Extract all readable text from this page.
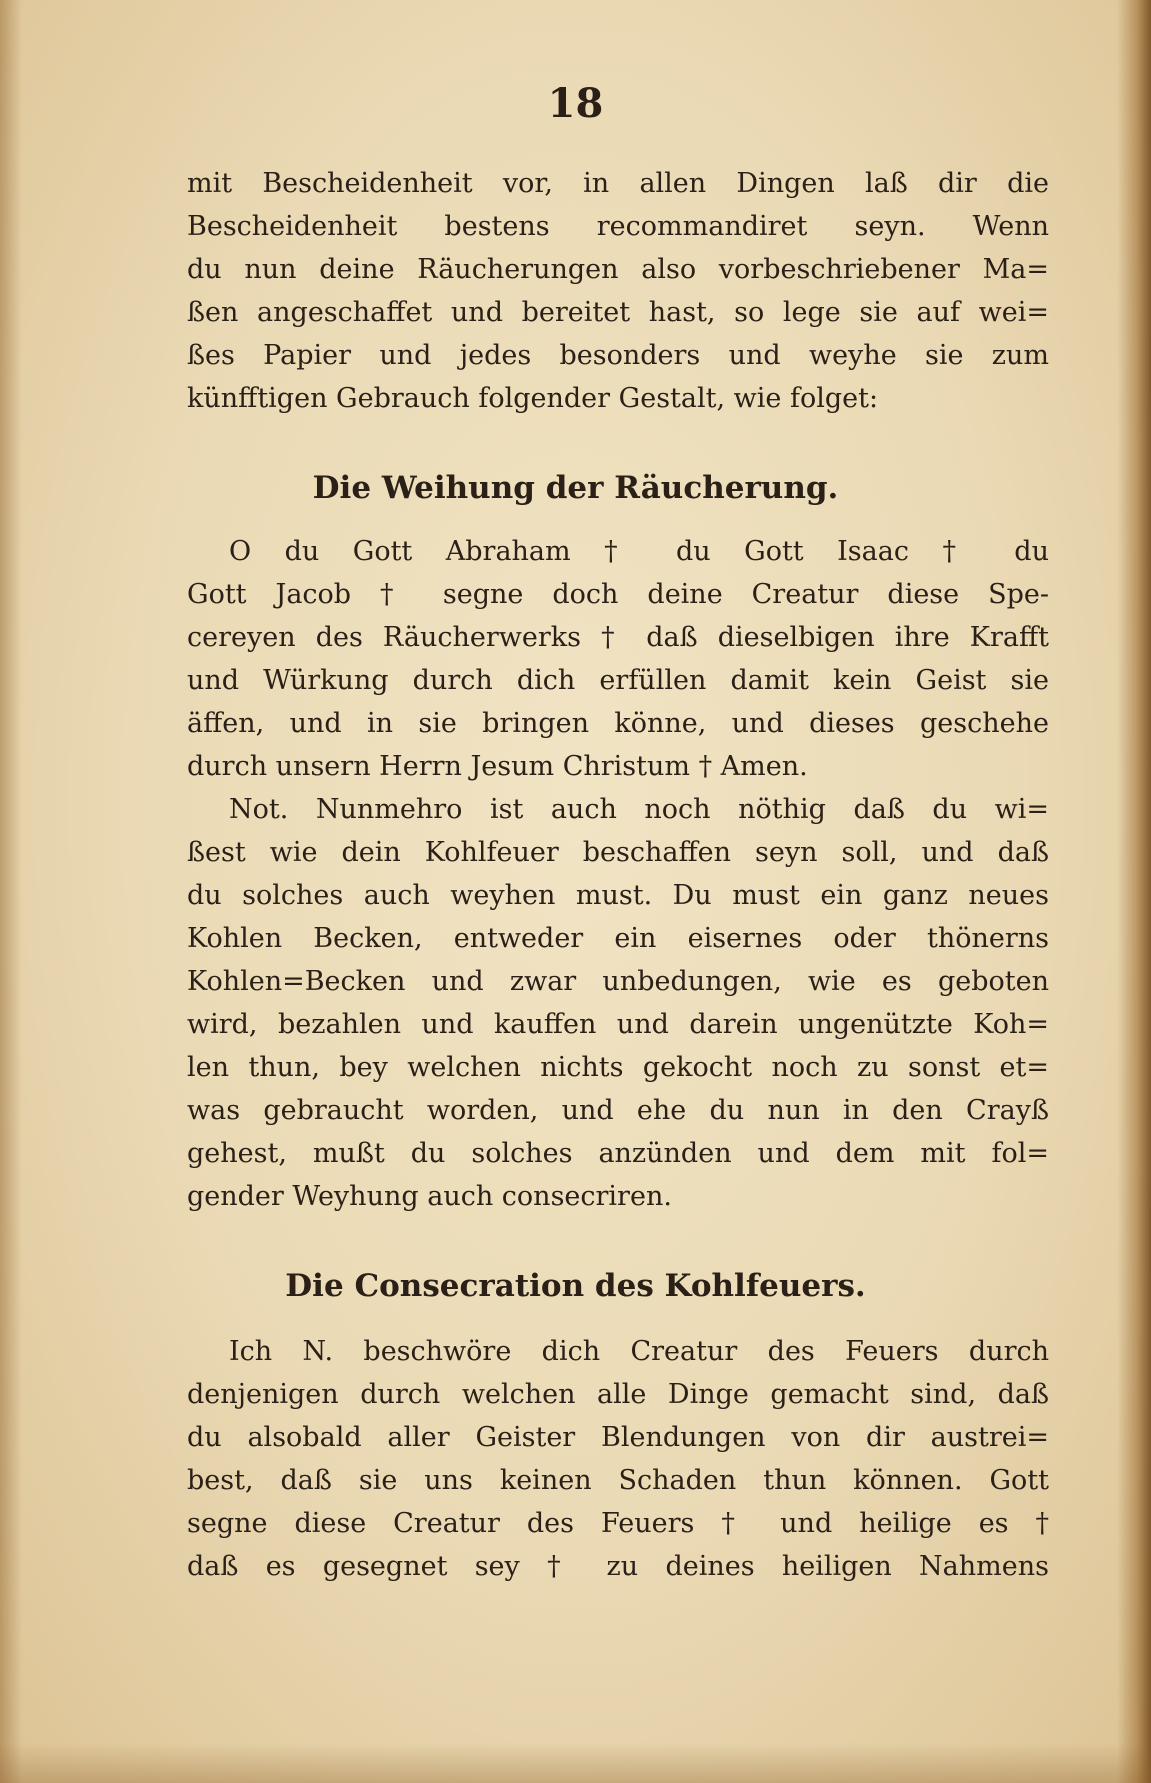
18
mit Bescheidenheit vor, in allen Dingen laß dir die
Bescheidenheit bestens recommandiret seyn. Wenn
du nun deine Räucherungen also vorbeschriebener Ma=
ßen angeschaffet und bereitet hast, so lege sie auf wei=
ßes Papier und jedes besonders und weyhe sie zum
künfftigen Gebrauch folgender Gestalt, wie folget:
Die Weihung der Räucherung.
O du Gott Abraham † du Gott Isaac † du
Gott Jacob † segne doch deine Creatur diese Spe-
cereyen des Räucherwerks † daß dieselbigen ihre Krafft
und Würkung durch dich erfüllen damit kein Geist sie
äffen, und in sie bringen könne, und dieses geschehe
durch unsern Herrn Jesum Christum † Amen.
Not. Nunmehro ist auch noch nöthig daß du wi=
ßest wie dein Kohlfeuer beschaffen seyn soll, und daß
du solches auch weyhen must. Du must ein ganz neues
Kohlen Becken, entweder ein eisernes oder thönerns
Kohlen=Becken und zwar unbedungen, wie es geboten
wird, bezahlen und kauffen und darein ungenützte Koh=
len thun, bey welchen nichts gekocht noch zu sonst et=
was gebraucht worden, und ehe du nun in den Crayß
gehest, mußt du solches anzünden und dem mit fol=
gender Weyhung auch consecriren.
Die Consecration des Kohlfeuers.
Ich N. beschwöre dich Creatur des Feuers durch
denjenigen durch welchen alle Dinge gemacht sind, daß
du alsobald aller Geister Blendungen von dir austrei=
best, daß sie uns keinen Schaden thun können. Gott
segne diese Creatur des Feuers † und heilige es †
daß es gesegnet sey † zu deines heiligen Nahmens
